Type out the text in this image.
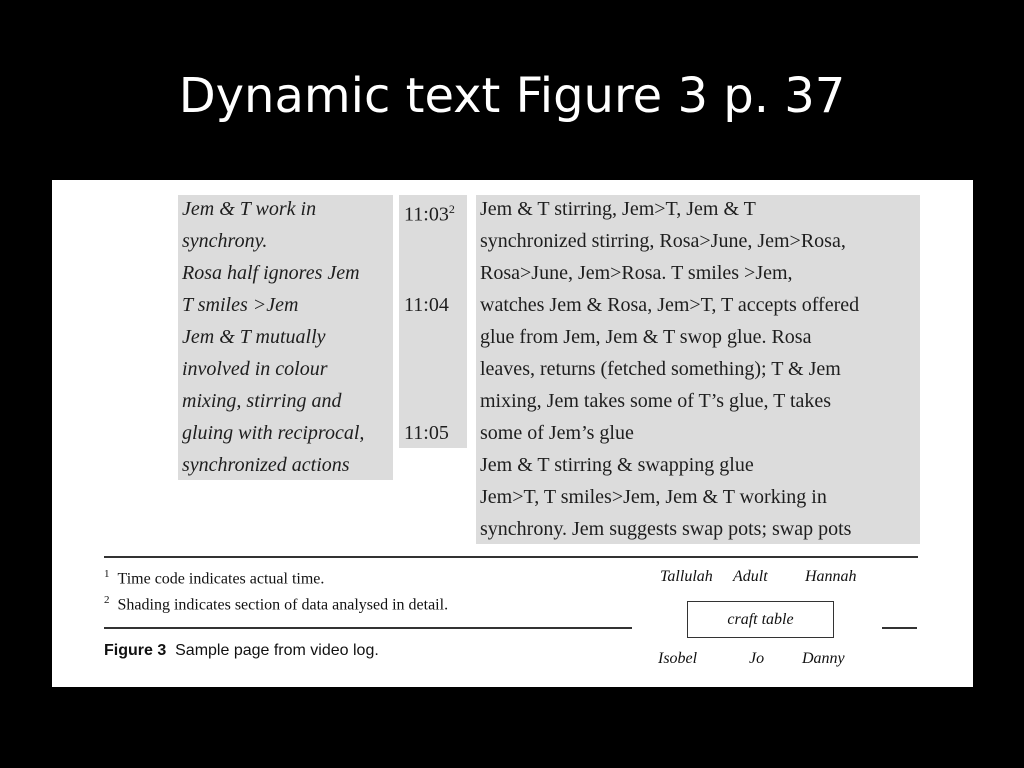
Dynamic text Figure 3 p. 37
Jem & T work in
synchrony.
Rosa half ignores Jem
T smiles >Jem
Jem & T mutually
involved in colour
mixing, stirring and
gluing with reciprocal,
synchronized actions
$11:03^2$
11:04
11:05
Jem & T stirring, Jem>T, Jem & T
synchronized stirring, Rosa>June, Jem>Rosa,
Rosa>June, Jem>Rosa. T smiles >Jem,
watches Jem & Rosa, Jem>T, T accepts offered
glue from Jem, Jem & T swop glue. Rosa
leaves, returns (fetched something); T & Jem
mixing, Jem takes some of T’s glue, T takes
some of Jem’s glue
Jem & T stirring & swapping glue
Jem>T, T smiles>Jem, Jem & T working in
synchrony. Jem suggests swap pots; swap pots
$^1$ Time code indicates actual time.
$^2$ Shading indicates section of data analysed in detail.
Figure 3 Sample page from video log.
Tallulah Adult Hannah
craft table
Isobel	Jo Danny
